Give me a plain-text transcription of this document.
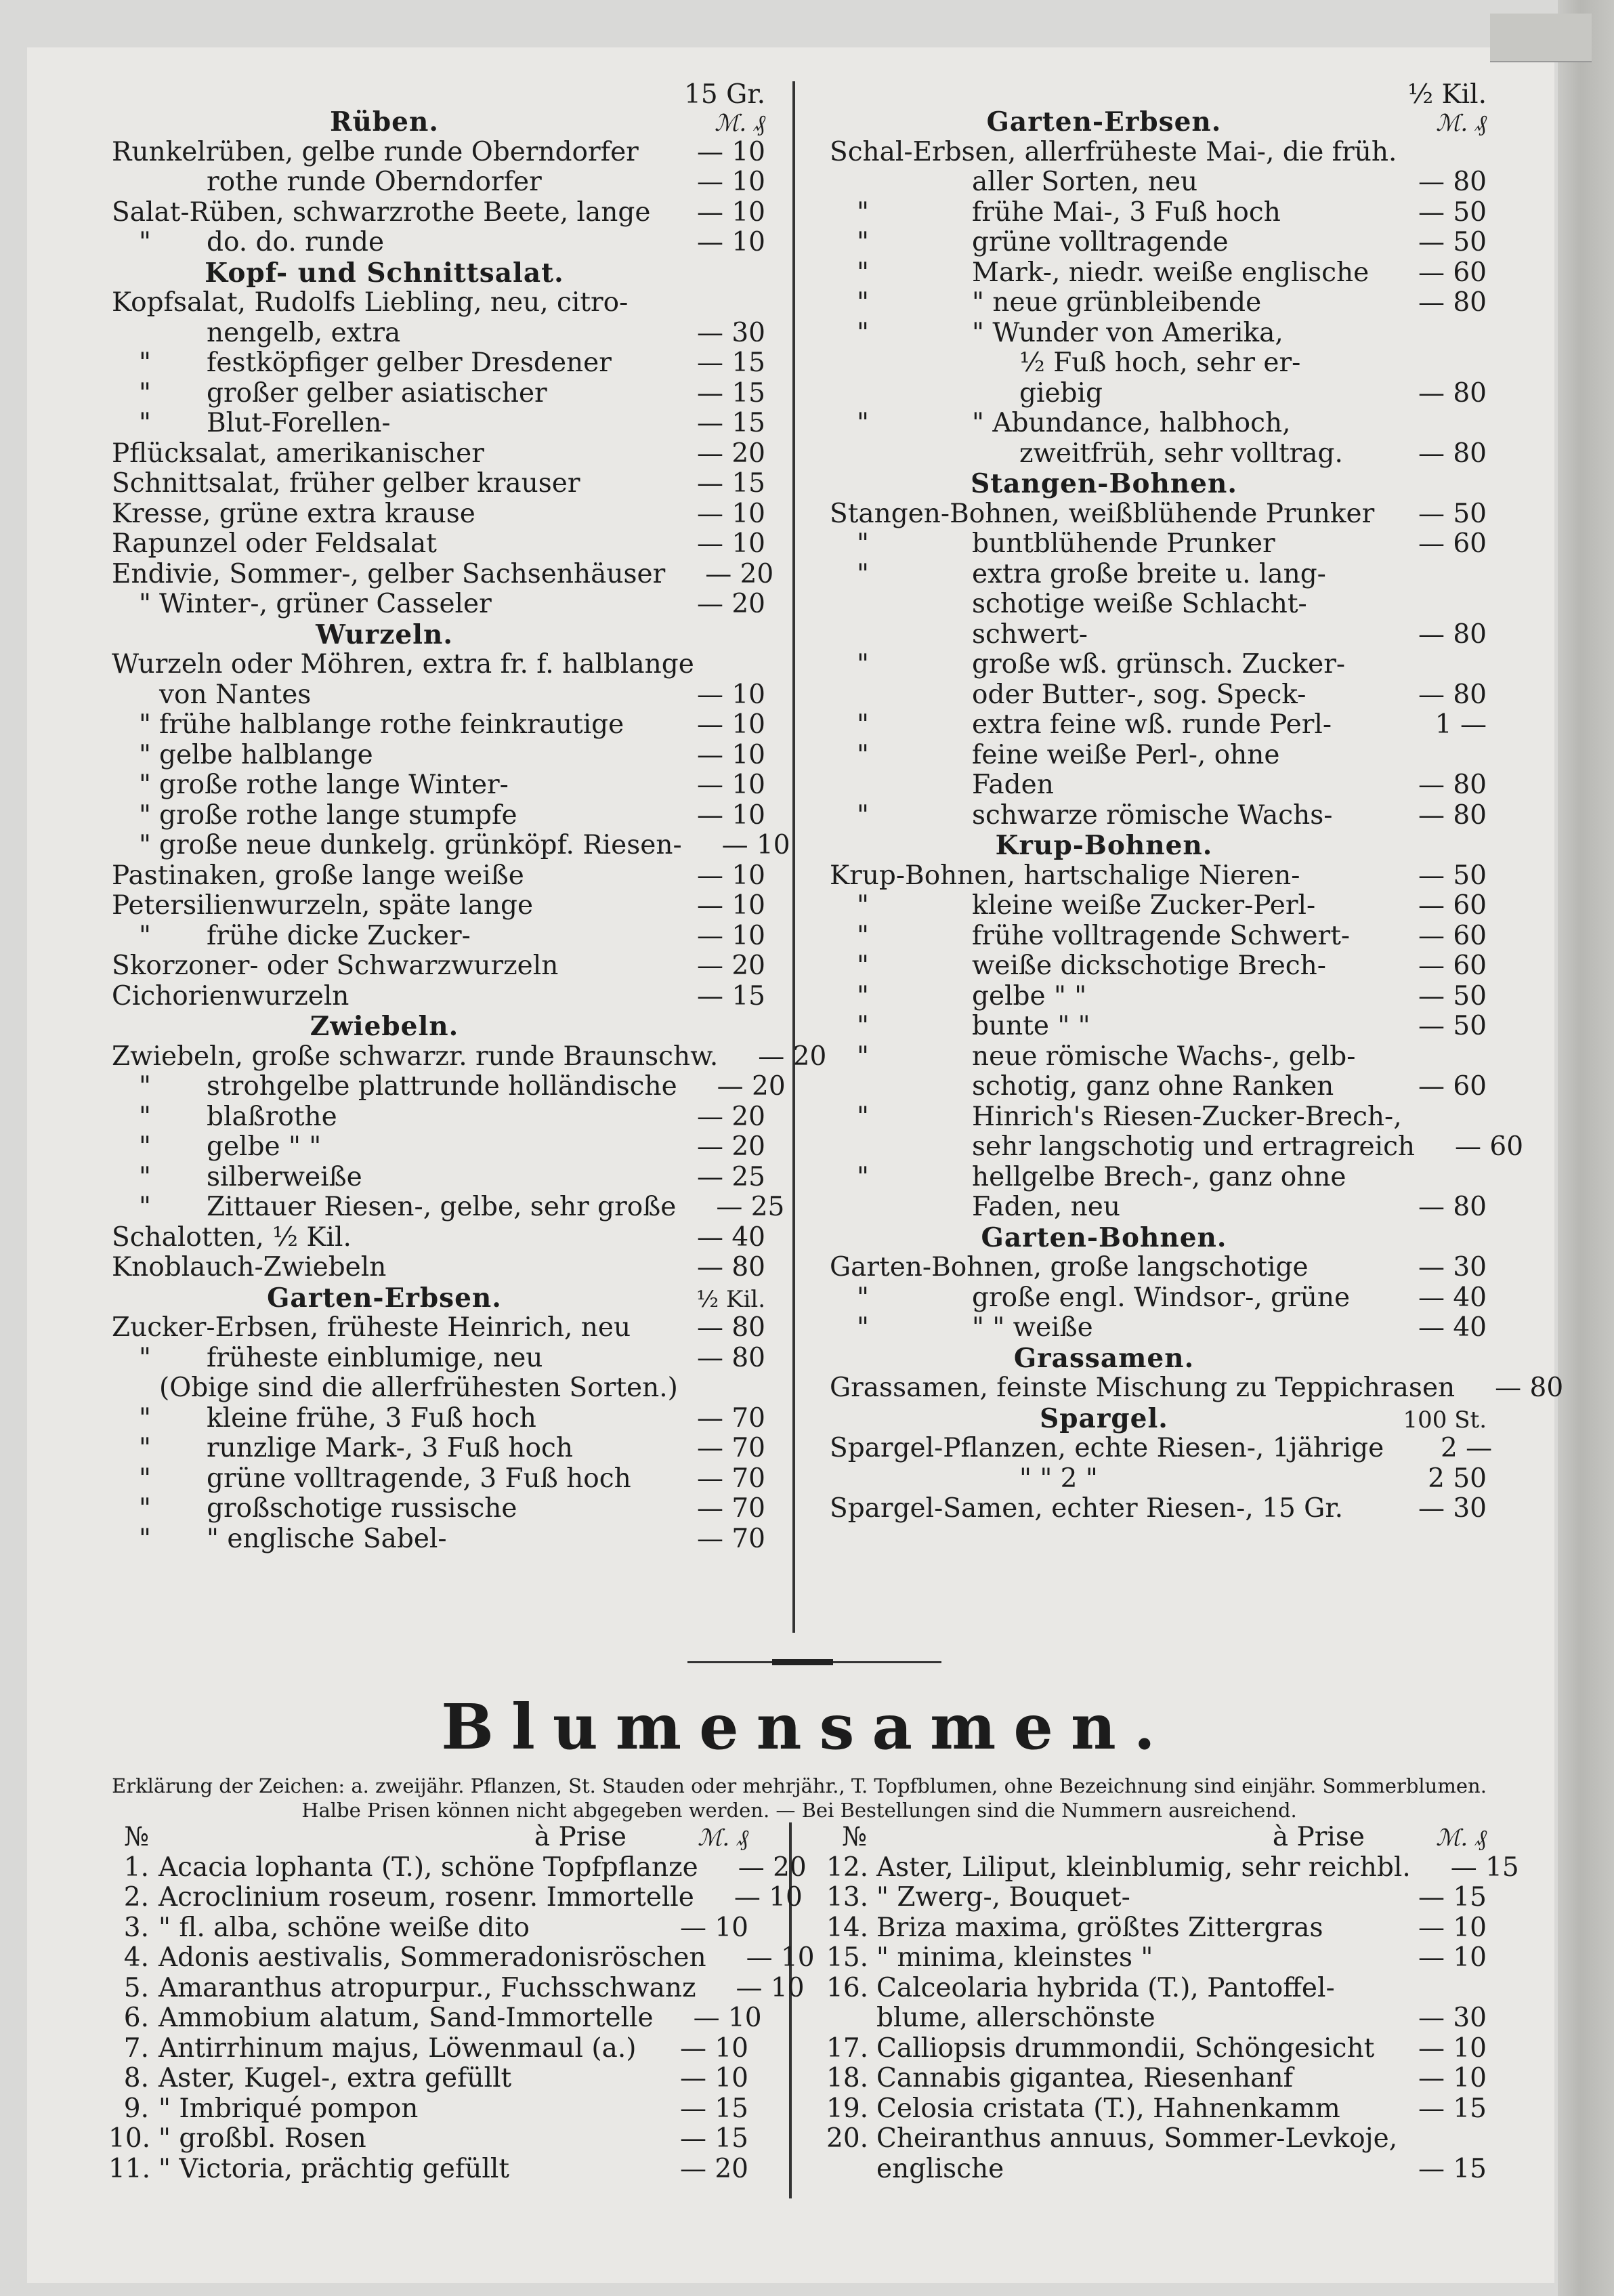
15 Gr.
Rüben.	ℳ. ₰
Runkelrüben, gelbe runde Oberndorfer	— 10
rothe runde Oberndorfer	— 10
Salat-Rüben, schwarzrothe Beete, lange	— 10
" do. do. runde	— 10
Kopf- und Schnittsalat.
Kopfsalat, Rudolfs Liebling, neu, citro-
nengelb, extra	— 30
" festköpfiger gelber Dresdener	— 15
" großer gelber asiatischer	— 15
" Blut-Forellen-	— 15
Pflücksalat, amerikanischer	— 20
Schnittsalat, früher gelber krauser	— 15
Kresse, grüne extra krause	— 10
Rapunzel oder Feldsalat	— 10
Endivie, Sommer-, gelber Sachsenhäuser	— 20
" Winter-, grüner Casseler	— 20
Wurzeln.
Wurzeln oder Möhren, extra fr. f. halblange
von Nantes	— 10
" frühe halblange rothe feinkrautige	— 10
" gelbe halblange	— 10
" große rothe lange Winter-	— 10
" große rothe lange stumpfe	— 10
" große neue dunkelg. grünköpf. Riesen-	— 10
Pastinaken, große lange weiße	— 10
Petersilienwurzeln, späte lange	— 10
" frühe dicke Zucker-	— 10
Skorzoner- oder Schwarzwurzeln	— 20
Cichorienwurzeln	— 15
Zwiebeln.
Zwiebeln, große schwarzr. runde Braunschw.	— 20
" strohgelbe plattrunde holländische	— 20
" blaßrothe	— 20
" gelbe " "	— 20
" silberweiße	— 25
" Zittauer Riesen-, gelbe, sehr große	— 25
Schalotten, ½ Kil.	— 40
Knoblauch-Zwiebeln	— 80
Garten-Erbsen.	½ Kil.
Zucker-Erbsen, früheste Heinrich, neu	— 80
" früheste einblumige, neu	— 80
(Obige sind die allerfrühesten Sorten.)
" kleine frühe, 3 Fuß hoch	— 70
" runzlige Mark-, 3 Fuß hoch	— 70
" grüne volltragende, 3 Fuß hoch	— 70
" großschotige russische	— 70
" " englische Sabel-	— 70
½ Kil.
Garten-Erbsen.	ℳ. ₰
Schal-Erbsen, allerfrüheste Mai-, die früh.
aller Sorten, neu	— 80
"	frühe Mai-, 3 Fuß hoch	— 50
"	grüne volltragende	— 50
"	Mark-, niedr. weiße englische	— 60
"	" neue grünbleibende	— 80
"	" Wunder von Amerika,
½ Fuß hoch, sehr er-
giebig	— 80
"	" Abundance, halbhoch,
zweitfrüh, sehr volltrag.	— 80
Stangen-Bohnen.
Stangen-Bohnen, weißblühende Prunker	— 50
"	buntblühende Prunker	— 60
"	extra große breite u. lang-
schotige weiße Schlacht-
schwert-	— 80
"	große wß. grünsch. Zucker-
oder Butter-, sog. Speck-	— 80
"	extra feine wß. runde Perl-	1 —
"	feine weiße Perl-, ohne
Faden	— 80
"	schwarze römische Wachs-	— 80
Krup-Bohnen.
Krup-Bohnen, hartschalige Nieren-	— 50
"	kleine weiße Zucker-Perl-	— 60
"	frühe volltragende Schwert-	— 60
"	weiße dickschotige Brech-	— 60
"	gelbe " "	— 50
"	bunte " "	— 50
"	neue römische Wachs-, gelb-
schotig, ganz ohne Ranken	— 60
"	Hinrich's Riesen-Zucker-Brech-,
sehr langschotig und ertragreich	— 60
"	hellgelbe Brech-, ganz ohne
Faden, neu	— 80
Garten-Bohnen.
Garten-Bohnen, große langschotige	— 30
"	große engl. Windsor-, grüne	— 40
"	" " weiße	— 40
Grassamen.
Grassamen, feinste Mischung zu Teppichrasen	— 80
Spargel.	100 St.
Spargel-Pflanzen, echte Riesen-, 1jährige	2 —
" " 2 "	2 50
Spargel-Samen, echter Riesen-, 15 Gr.	— 30
Blumensamen.
Erklärung der Zeichen: a. zweijähr. Pflanzen, St. Stauden oder mehrjähr., T. Topfblumen, ohne Bezeichnung sind einjähr. Sommerblumen.
Halbe Prisen können nicht abgegeben werden. — Bei Bestellungen sind die Nummern ausreichend.
№	à Prise	ℳ. ₰
1. Acacia lophanta (T.), schöne Topfpflanze	— 20
2. Acroclinium roseum, rosenr. Immortelle	— 10
3. " fl. alba, schöne weiße dito	— 10
4. Adonis aestivalis, Sommeradonisröschen	— 10
5. Amaranthus atropurpur., Fuchsschwanz	— 10
6. Ammobium alatum, Sand-Immortelle	— 10
7. Antirrhinum majus, Löwenmaul (a.)	— 10
8. Aster, Kugel-, extra gefüllt	— 10
9. " Imbriqué pompon	— 15
10. " großbl. Rosen	— 15
11. " Victoria, prächtig gefüllt	— 20
№	à Prise	ℳ. ₰
12. Aster, Liliput, kleinblumig, sehr reichbl.	— 15
13. " Zwerg-, Bouquet-	— 15
14. Briza maxima, größtes Zittergras	— 10
15. " minima, kleinstes "	— 10
16. Calceolaria hybrida (T.), Pantoffel-
blume, allerschönste	— 30
17. Calliopsis drummondii, Schöngesicht	— 10
18. Cannabis gigantea, Riesenhanf	— 10
19. Celosia cristata (T.), Hahnenkamm	— 15
20. Cheiranthus annuus, Sommer-Levkoje,
englische	— 15
